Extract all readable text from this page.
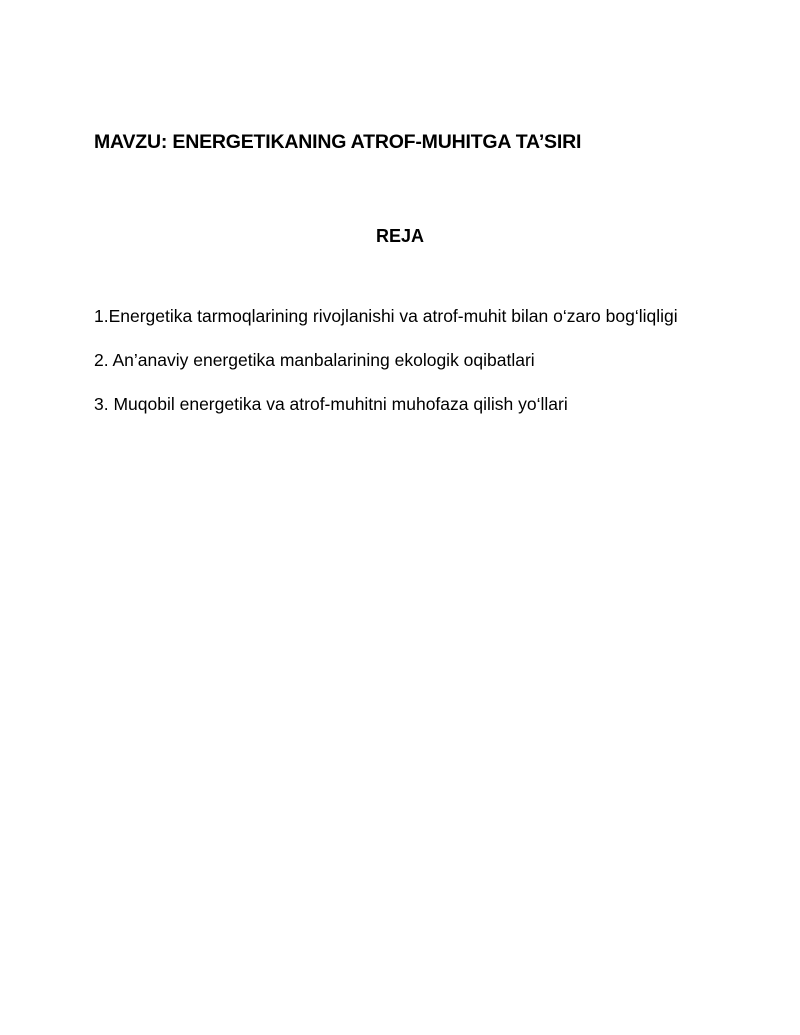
MAVZU: ENERGETIKANING ATROF-MUHITGA TA’SIRI
REJA
1.Energetika tarmoqlarining rivojlanishi va atrof-muhit bilan o‘zaro bog‘liqligi
2. An’anaviy energetika manbalarining ekologik oqibatlari
3. Muqobil energetika va atrof-muhitni muhofaza qilish yo‘llari
